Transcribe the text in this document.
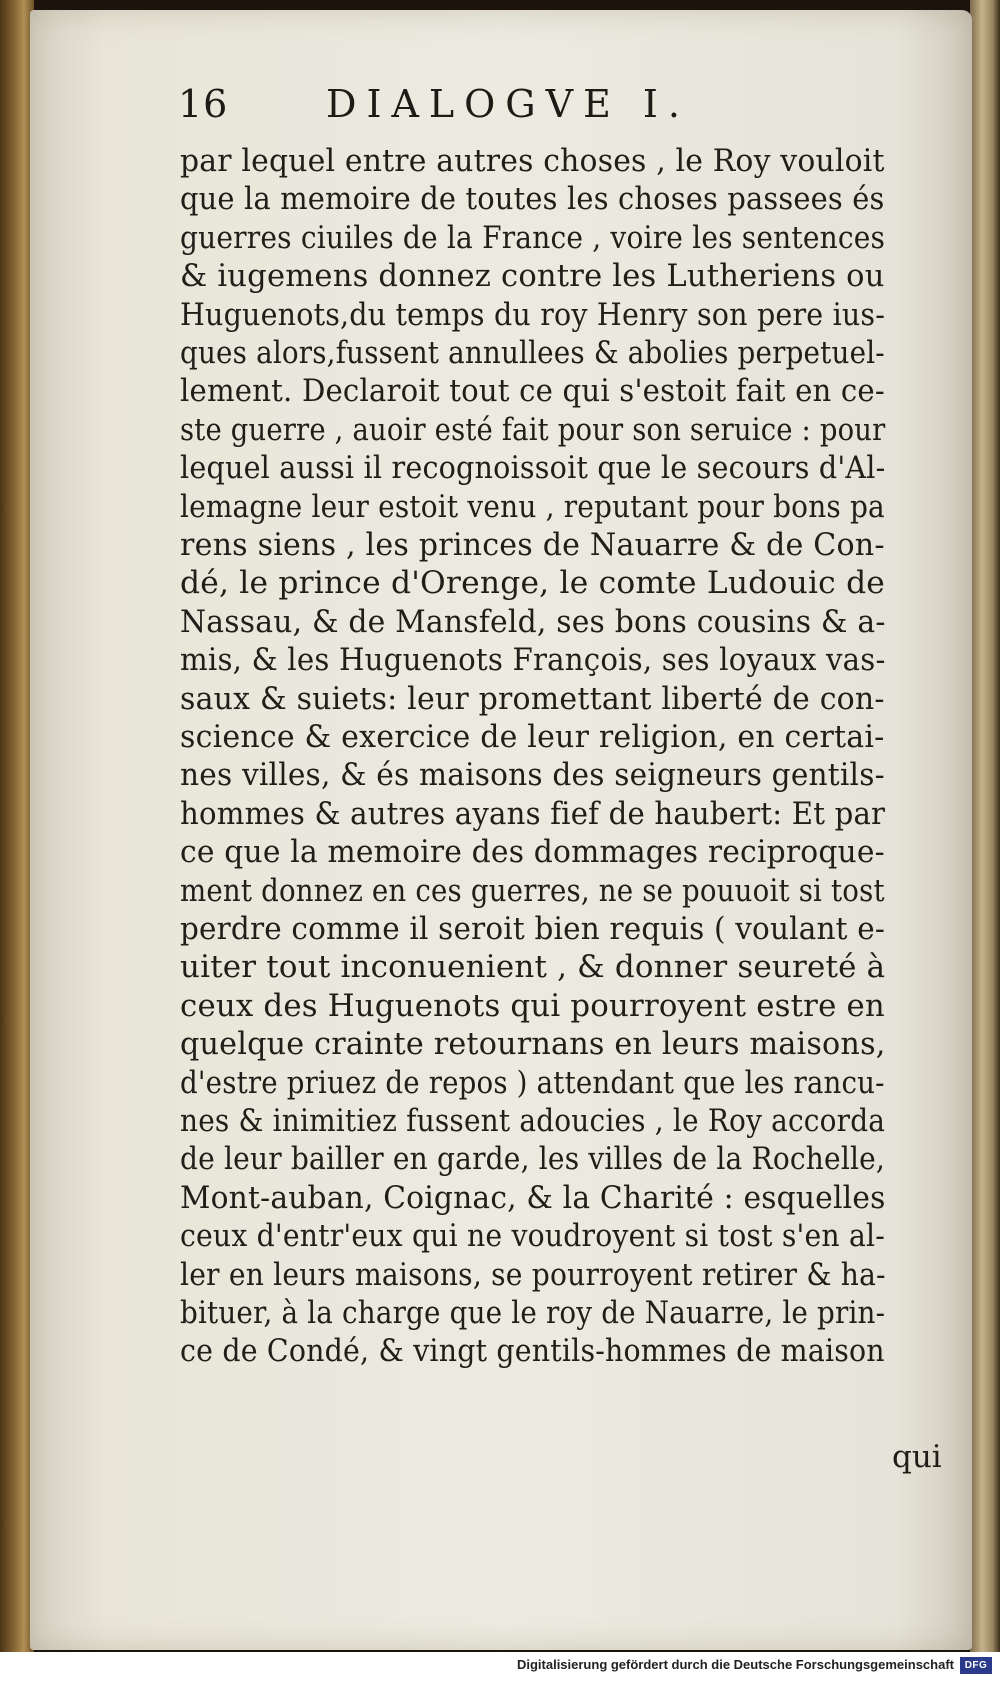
16	DIALOGVE I.
par lequel entre autres choses , le Roy vouloit
que la memoire de toutes les choses passees és
guerres ciuiles de la France , voire les sentences
& iugemens donnez contre les Lutheriens ou
Huguenots,du temps du roy Henry son pere ius-
ques alors,fussent annullees & abolies perpetuel-
lement. Declaroit tout ce qui s'estoit fait en ce-
ste guerre , auoir esté fait pour son seruice : pour
lequel aussi il recognoissoit que le secours d'Al-
lemagne leur estoit venu , reputant pour bons pa
rens siens , les princes de Nauarre & de Con-
dé, le prince d'Orenge, le comte Ludouic de
Nassau, & de Mansfeld, ses bons cousins & a-
mis, & les Huguenots François, ses loyaux vas-
saux & suiets: leur promettant liberté de con-
science & exercice de leur religion, en certai-
nes villes, & és maisons des seigneurs gentils-
hommes & autres ayans fief de haubert: Et par
ce que la memoire des dommages reciproque-
ment donnez en ces guerres, ne se pouuoit si tost
perdre comme il seroit bien requis ( voulant e-
uiter tout inconuenient , & donner seureté à
ceux des Huguenots qui pourroyent estre en
quelque crainte retournans en leurs maisons,
d'estre priuez de repos ) attendant que les rancu-
nes & inimitiez fussent adoucies , le Roy accorda
de leur bailler en garde, les villes de la Rochelle,
Mont-auban, Coignac, & la Charité : esquelles
ceux d'entr'eux qui ne voudroyent si tost s'en al-
ler en leurs maisons, se pourroyent retirer & ha-
bituer, à la charge que le roy de Nauarre, le prin-
ce de Condé, & vingt gentils-hommes de maison
qui
Digitalisierung gefördert durch die Deutsche Forschungsgemeinschaft	DFG
